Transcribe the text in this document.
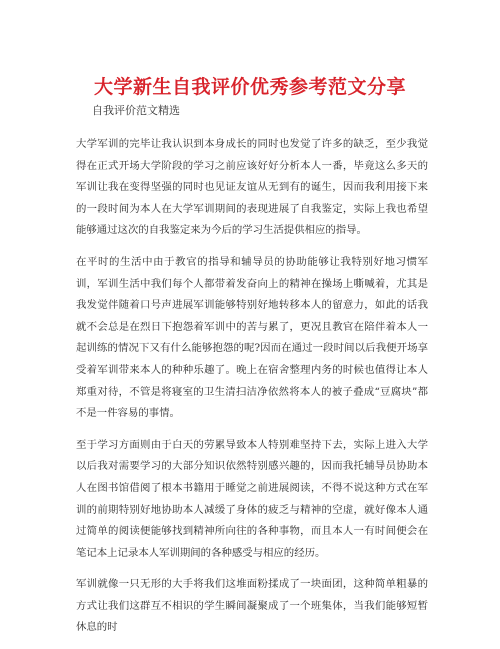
大学新生自我评价优秀参考范文分享
自我评价范文精选

大学军训的完毕让我认识到本身成长的同时也发觉了许多的缺乏，至少我觉得在正式开场大学阶段的学习之前应该好好分析本人一番，毕竟这么多天的军训让我在变得坚强的同时也见证友谊从无到有的诞生，因而我利用接下来的一段时间为本人在大学军训期间的表现进展了自我鉴定，实际上我也希望能够通过这次的自我鉴定来为今后的学习生活提供相应的指导。

在平时的生活中由于教官的指导和辅导员的协助能够让我特别好地习惯军训，军训生活中我们每个人都带着发奋向上的精神在操场上嘶喊着，尤其是我发觉伴随着口号声进展军训能够特别好地转移本人的留意力，如此的话我就不会总是在烈日下抱怨着军训中的苦与累了，更况且教官在陪伴着本人一起训练的情况下又有什么能够抱怨的呢?因而在通过一段时间以后我便开场享受着军训带来本人的种种乐趣了。晚上在宿舍整理内务的时候也值得让本人郑重对待，不管是将寝室的卫生清扫洁净依然将本人的被子叠成“豆腐块”都不是一件容易的事情。

至于学习方面则由于白天的劳累导致本人特别难坚持下去，实际上进入大学以后我对需要学习的大部分知识依然特别感兴趣的，因而我托辅导员协助本人在图书馆借阅了根本书籍用于睡觉之前进展阅读，不得不说这种方式在军训的前期特别好地协助本人减缓了身体的疲乏与精神的空虚，就好像本人通过简单的阅读便能够找到精神所向往的各种事物，而且本人一有时间便会在笔记本上记录本人军训期间的各种感受与相应的经历。

军训就像一只无形的大手将我们这堆面粉揉成了一块面团，这种简单粗暴的方式让我们这群互不相识的学生瞬间凝聚成了一个班集体，当我们能够短暂休息的时
